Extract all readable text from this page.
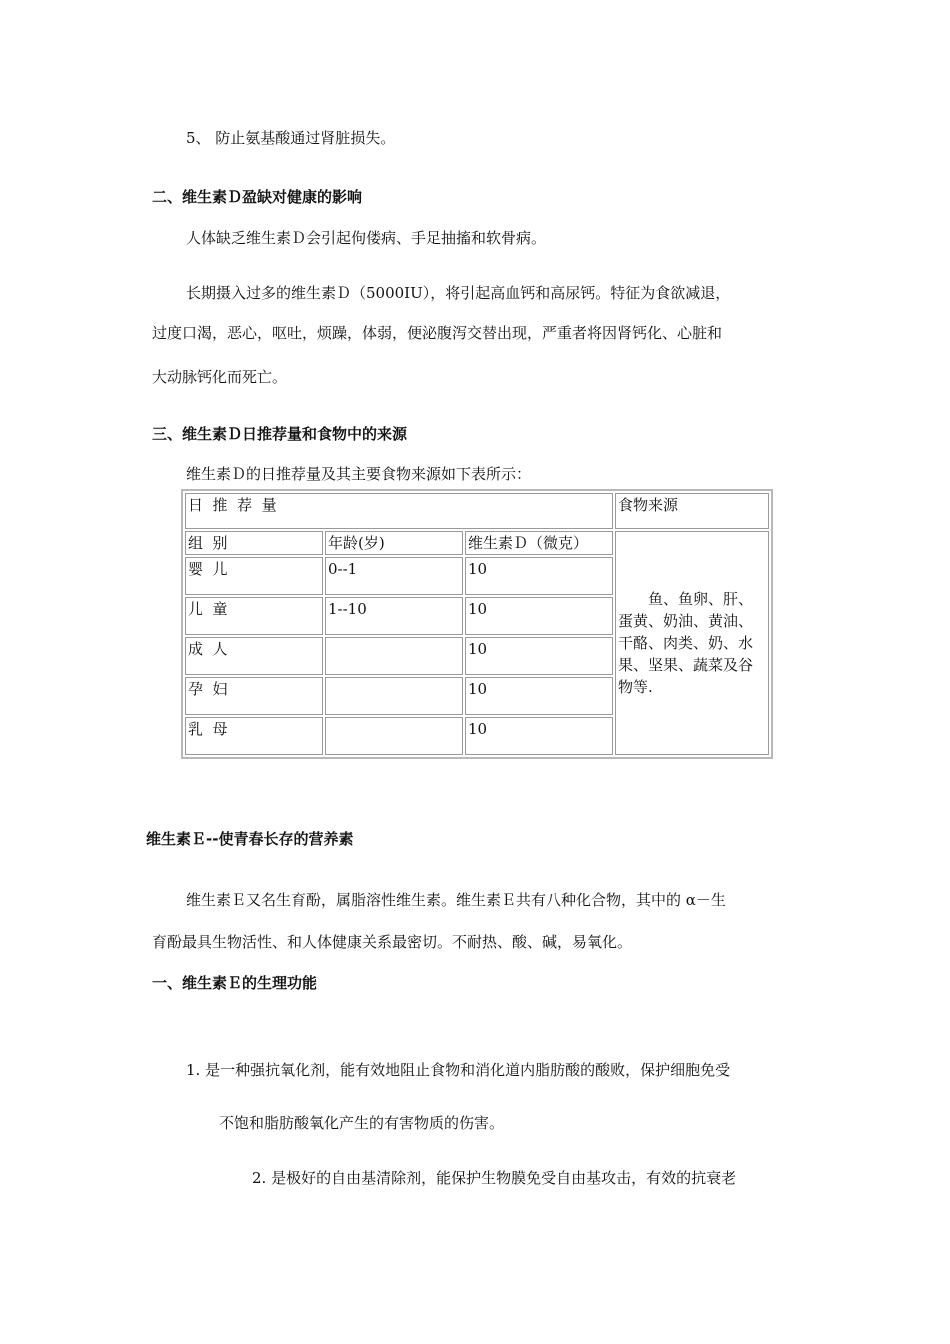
5、 防止氨基酸通过肾脏损失。
二、维生素Ｄ盈缺对健康的影响
人体缺乏维生素Ｄ会引起佝偻病、手足抽搐和软骨病。
长期摄入过多的维生素Ｄ（5000IU），将引起高血钙和高尿钙。特征为食欲减退，
过度口渴，恶心，呕吐，烦躁，体弱，便泌腹泻交替出现，严重者将因肾钙化、心脏和
大动脉钙化而死亡。
三、维生素Ｄ日推荐量和食物中的来源
维生素Ｄ的日推荐量及其主要食物来源如下表所示：
日  推  荐  量			食物来源
组  别	年龄(岁)	维生素Ｄ（微克）	鱼、鱼卵、肝、蛋黄、奶油、黄油、干酪、肉类、奶、水果、坚果、蔬菜及谷物等.
婴  儿	0--1	10	
儿  童	1--10	10	
成  人		10	
孕  妇		10	
乳  母		10	
维生素Ｅ--使青春长存的营养素
维生素Ｅ又名生育酚，属脂溶性维生素。维生素Ｅ共有八种化合物，其中的 α－生
育酚最具生物活性、和人体健康关系最密切。不耐热、酸、碱，易氧化。
一、维生素Ｅ的生理功能
1. 是一种强抗氧化剂，能有效地阻止食物和消化道内脂肪酸的酸败，保护细胞免受
不饱和脂肪酸氧化产生的有害物质的伤害。
2. 是极好的自由基清除剂，能保护生物膜免受自由基攻击，有效的抗衰老
